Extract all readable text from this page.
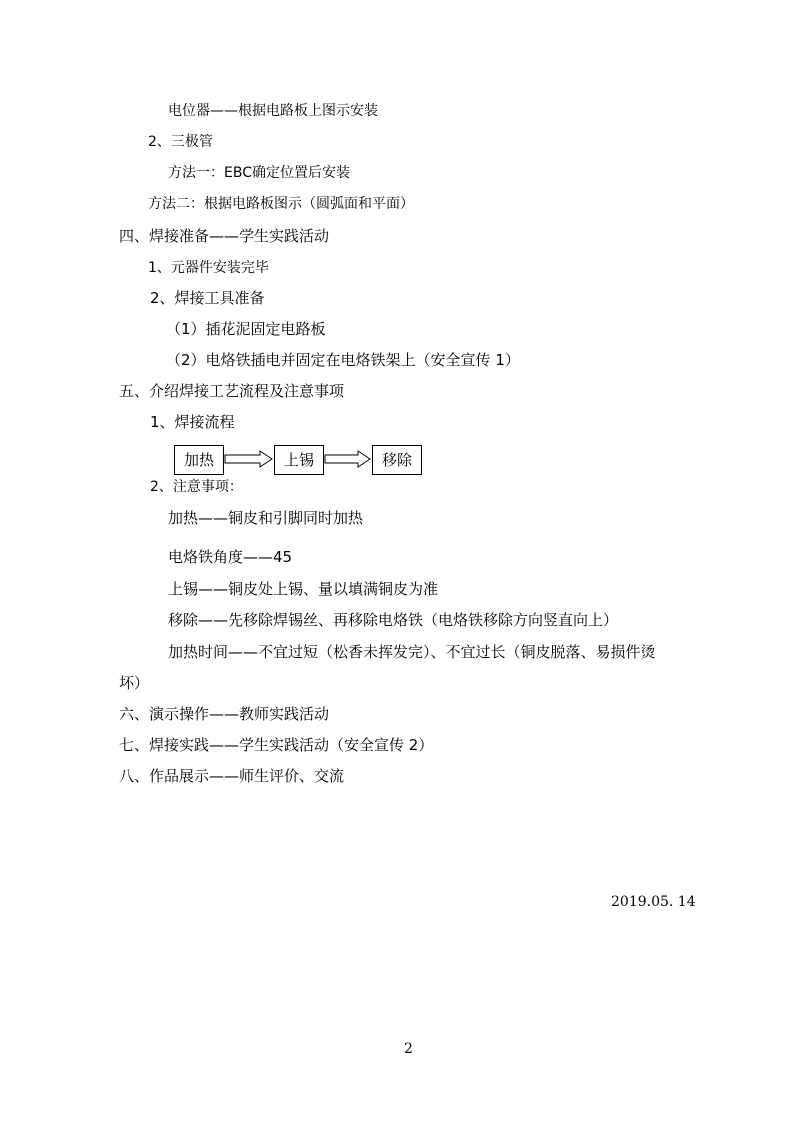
电位器——根据电路板上图示安装
2、三极管
方法一：EBC确定位置后安装
方法二：根据电路板图示（圆弧面和平面）
四、焊接准备——学生实践活动
1、元器件安装完毕
2、焊接工具准备
（1）插花泥固定电路板
（2）电烙铁插电并固定在电烙铁架上（安全宣传 1）
五、介绍焊接工艺流程及注意事项
1、焊接流程
加热	上锡	移除
2、注意事项：
加热——铜皮和引脚同时加热
电烙铁角度——45
上锡——铜皮处上锡、量以填满铜皮为准
移除——先移除焊锡丝、再移除电烙铁（电烙铁移除方向竖直向上）
加热时间——不宜过短（松香未挥发完）、不宜过长（铜皮脱落、易损件烫
坏）
六、演示操作——教师实践活动
七、焊接实践——学生实践活动（安全宣传 2）
八、作品展示——师生评价、交流
2019.05. 14
2
